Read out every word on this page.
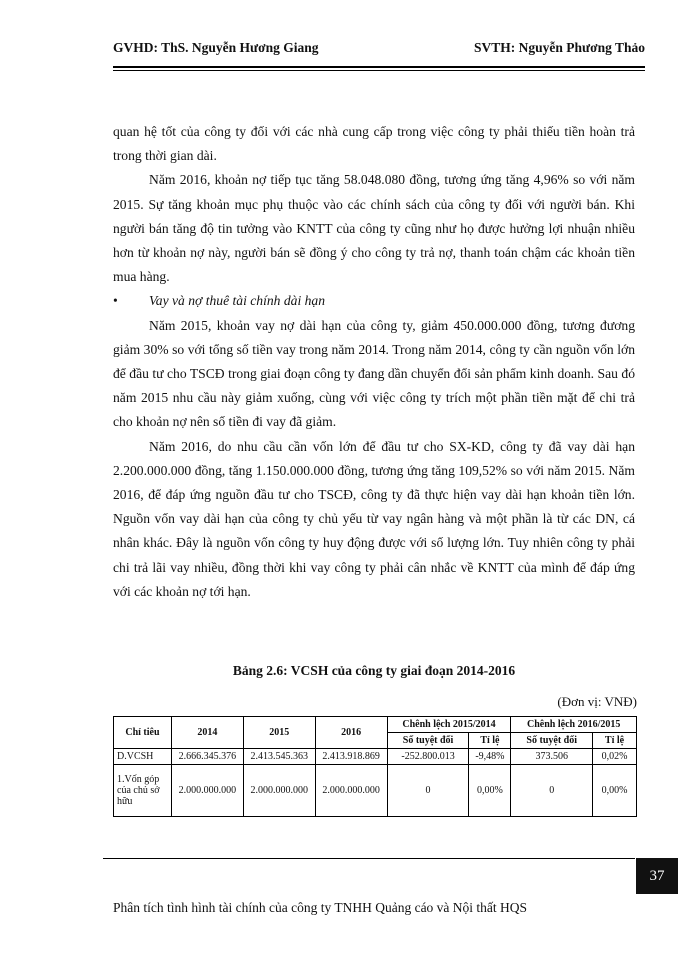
GVHD: ThS. Nguyễn Hương Giang	SVTH: Nguyễn Phương Thảo

quan hệ tốt của công ty đối với các nhà cung cấp trong việc công ty phải thiếu tiền hoàn trả trong thời gian dài.

Năm 2016, khoản nợ tiếp tục tăng 58.048.080 đồng, tương ứng tăng 4,96% so với năm 2015. Sự tăng khoản mục phụ thuộc vào các chính sách của công ty đối với người bán. Khi người bán tăng độ tin tưởng vào KNTT của công ty cũng như họ được hưởng lợi nhuận nhiều hơn từ khoản nợ này, người bán sẽ đồng ý cho công ty trả nợ, thanh toán chậm các khoản tiền mua hàng.

•	Vay và nợ thuê tài chính dài hạn

Năm 2015, khoản vay nợ dài hạn của công ty, giảm 450.000.000 đồng, tương đương giảm 30% so với tổng số tiền vay trong năm 2014. Trong năm 2014, công ty cần nguồn vốn lớn để đầu tư cho TSCĐ trong giai đoạn công ty đang dần chuyển đổi sản phẩm kinh doanh. Sau đó năm 2015 nhu cầu này giảm xuống, cùng với việc công ty trích một phần tiền mặt để chi trả cho khoản nợ nên số tiền đi vay đã giảm.

Năm 2016, do nhu cầu cần vốn lớn để đầu tư cho SX-KD, công ty đã vay dài hạn 2.200.000.000 đồng, tăng 1.150.000.000 đồng, tương ứng tăng 109,52% so với năm 2015. Năm 2016, để đáp ứng nguồn đầu tư cho TSCĐ, công ty đã thực hiện vay dài hạn khoản tiền lớn. Nguồn vốn vay dài hạn của công ty chủ yếu từ vay ngân hàng và một phần là từ các DN, cá nhân khác. Đây là nguồn vốn công ty huy động được với số lượng lớn. Tuy nhiên công ty phải chi trả lãi vay nhiều, đồng thời khi vay công ty phải cân nhắc về KNTT của mình để đáp ứng với các khoản nợ tới hạn.

Bảng 2.6: VCSH của công ty giai đoạn 2014-2016
(Đơn vị: VNĐ)
Chỉ tiêu	2014	2015	2016	Chênh lệch 2015/2014		Chênh lệch 2016/2015	
				Số tuyệt đối	Tỉ lệ	Số tuyệt đối	Tỉ lệ
D.VCSH	2.666.345.376	2.413.545.363	2.413.918.869	-252.800.013	-9,48%	373.506	0,02%
1.Vốn góp của chủ sở hữu	2.000.000.000	2.000.000.000	2.000.000.000	0	0,00%	0	0,00%
37
Phân tích tình hình tài chính của công ty TNHH Quảng cáo và Nội thất HQS
